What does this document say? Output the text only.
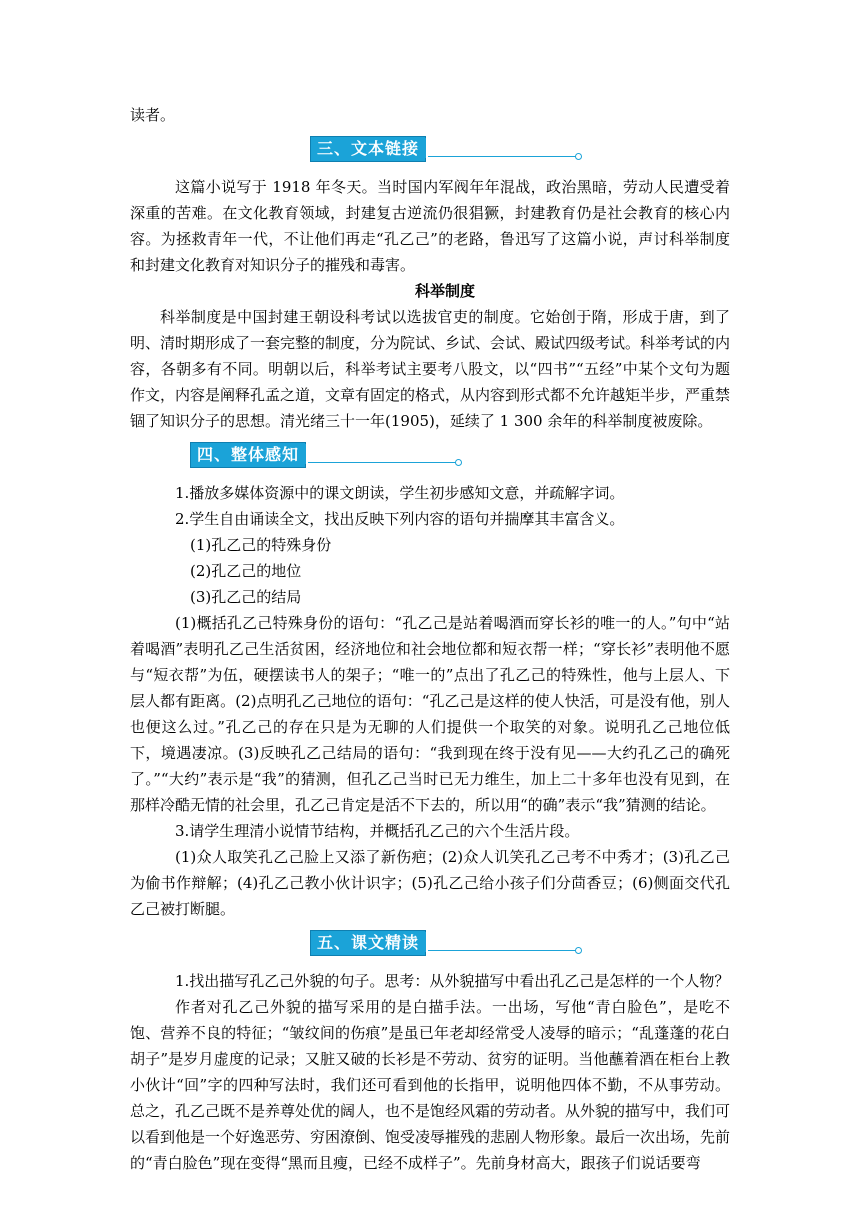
读者。

三、文本链接

这篇小说写于 1918 年冬天。当时国内军阀年年混战，政治黑暗，劳动人民遭受着深重的苦难。在文化教育领域，封建复古逆流仍很猖獗，封建教育仍是社会教育的核心内容。为拯救青年一代，不让他们再走“孔乙己”的老路，鲁迅写了这篇小说，声讨科举制度和封建文化教育对知识分子的摧残和毒害。

科举制度

科举制度是中国封建王朝设科考试以选拔官吏的制度。它始创于隋，形成于唐，到了明、清时期形成了一套完整的制度，分为院试、乡试、会试、殿试四级考试。科举考试的内容，各朝多有不同。明朝以后，科举考试主要考八股文，以“四书”“五经”中某个文句为题作文，内容是阐释孔孟之道，文章有固定的格式，从内容到形式都不允许越矩半步，严重禁锢了知识分子的思想。清光绪三十一年(1905)，延续了 1 300 余年的科举制度被废除。

四、整体感知

1.播放多媒体资源中的课文朗读，学生初步感知文意，并疏解字词。

2.学生自由诵读全文，找出反映下列内容的语句并揣摩其丰富含义。

(1)孔乙己的特殊身份

(2)孔乙己的地位

(3)孔乙己的结局

(1)概括孔乙己特殊身份的语句：“孔乙己是站着喝酒而穿长衫的唯一的人。”句中“站着喝酒”表明孔乙己生活贫困，经济地位和社会地位都和短衣帮一样；“穿长衫”表明他不愿与“短衣帮”为伍，硬摆读书人的架子；“唯一的”点出了孔乙己的特殊性，他与上层人、下层人都有距离。(2)点明孔乙己地位的语句：“孔乙己是这样的使人快活，可是没有他，别人也便这么过。”孔乙己的存在只是为无聊的人们提供一个取笑的对象。说明孔乙己地位低下，境遇凄凉。(3)反映孔乙己结局的语句：“我到现在终于没有见——大约孔乙己的确死了。”“大约”表示是“我”的猜测，但孔乙己当时已无力维生，加上二十多年也没有见到，在那样冷酷无情的社会里，孔乙己肯定是活不下去的，所以用“的确”表示“我”猜测的结论。

3.请学生理清小说情节结构，并概括孔乙己的六个生活片段。

(1)众人取笑孔乙己脸上又添了新伤疤；(2)众人讥笑孔乙己考不中秀才；(3)孔乙己为偷书作辩解；(4)孔乙己教小伙计识字；(5)孔乙己给小孩子们分茴香豆；(6)侧面交代孔乙己被打断腿。

五、课文精读

1.找出描写孔乙己外貌的句子。思考：从外貌描写中看出孔乙己是怎样的一个人物？

作者对孔乙己外貌的描写采用的是白描手法。一出场，写他“青白脸色”，是吃不饱、营养不良的特征；“皱纹间的伤痕”是虽已年老却经常受人凌辱的暗示；“乱蓬蓬的花白胡子”是岁月虚度的记录；又脏又破的长衫是不劳动、贫穷的证明。当他蘸着酒在柜台上教小伙计“回”字的四种写法时，我们还可看到他的长指甲，说明他四体不勤，不从事劳动。总之，孔乙己既不是养尊处优的阔人，也不是饱经风霜的劳动者。从外貌的描写中，我们可以看到他是一个好逸恶劳、穷困潦倒、饱受凌辱摧残的悲剧人物形象。最后一次出场，先前的“青白脸色”现在变得“黑而且瘦，已经不成样子”。先前身材高大，跟孩子们说话要弯
